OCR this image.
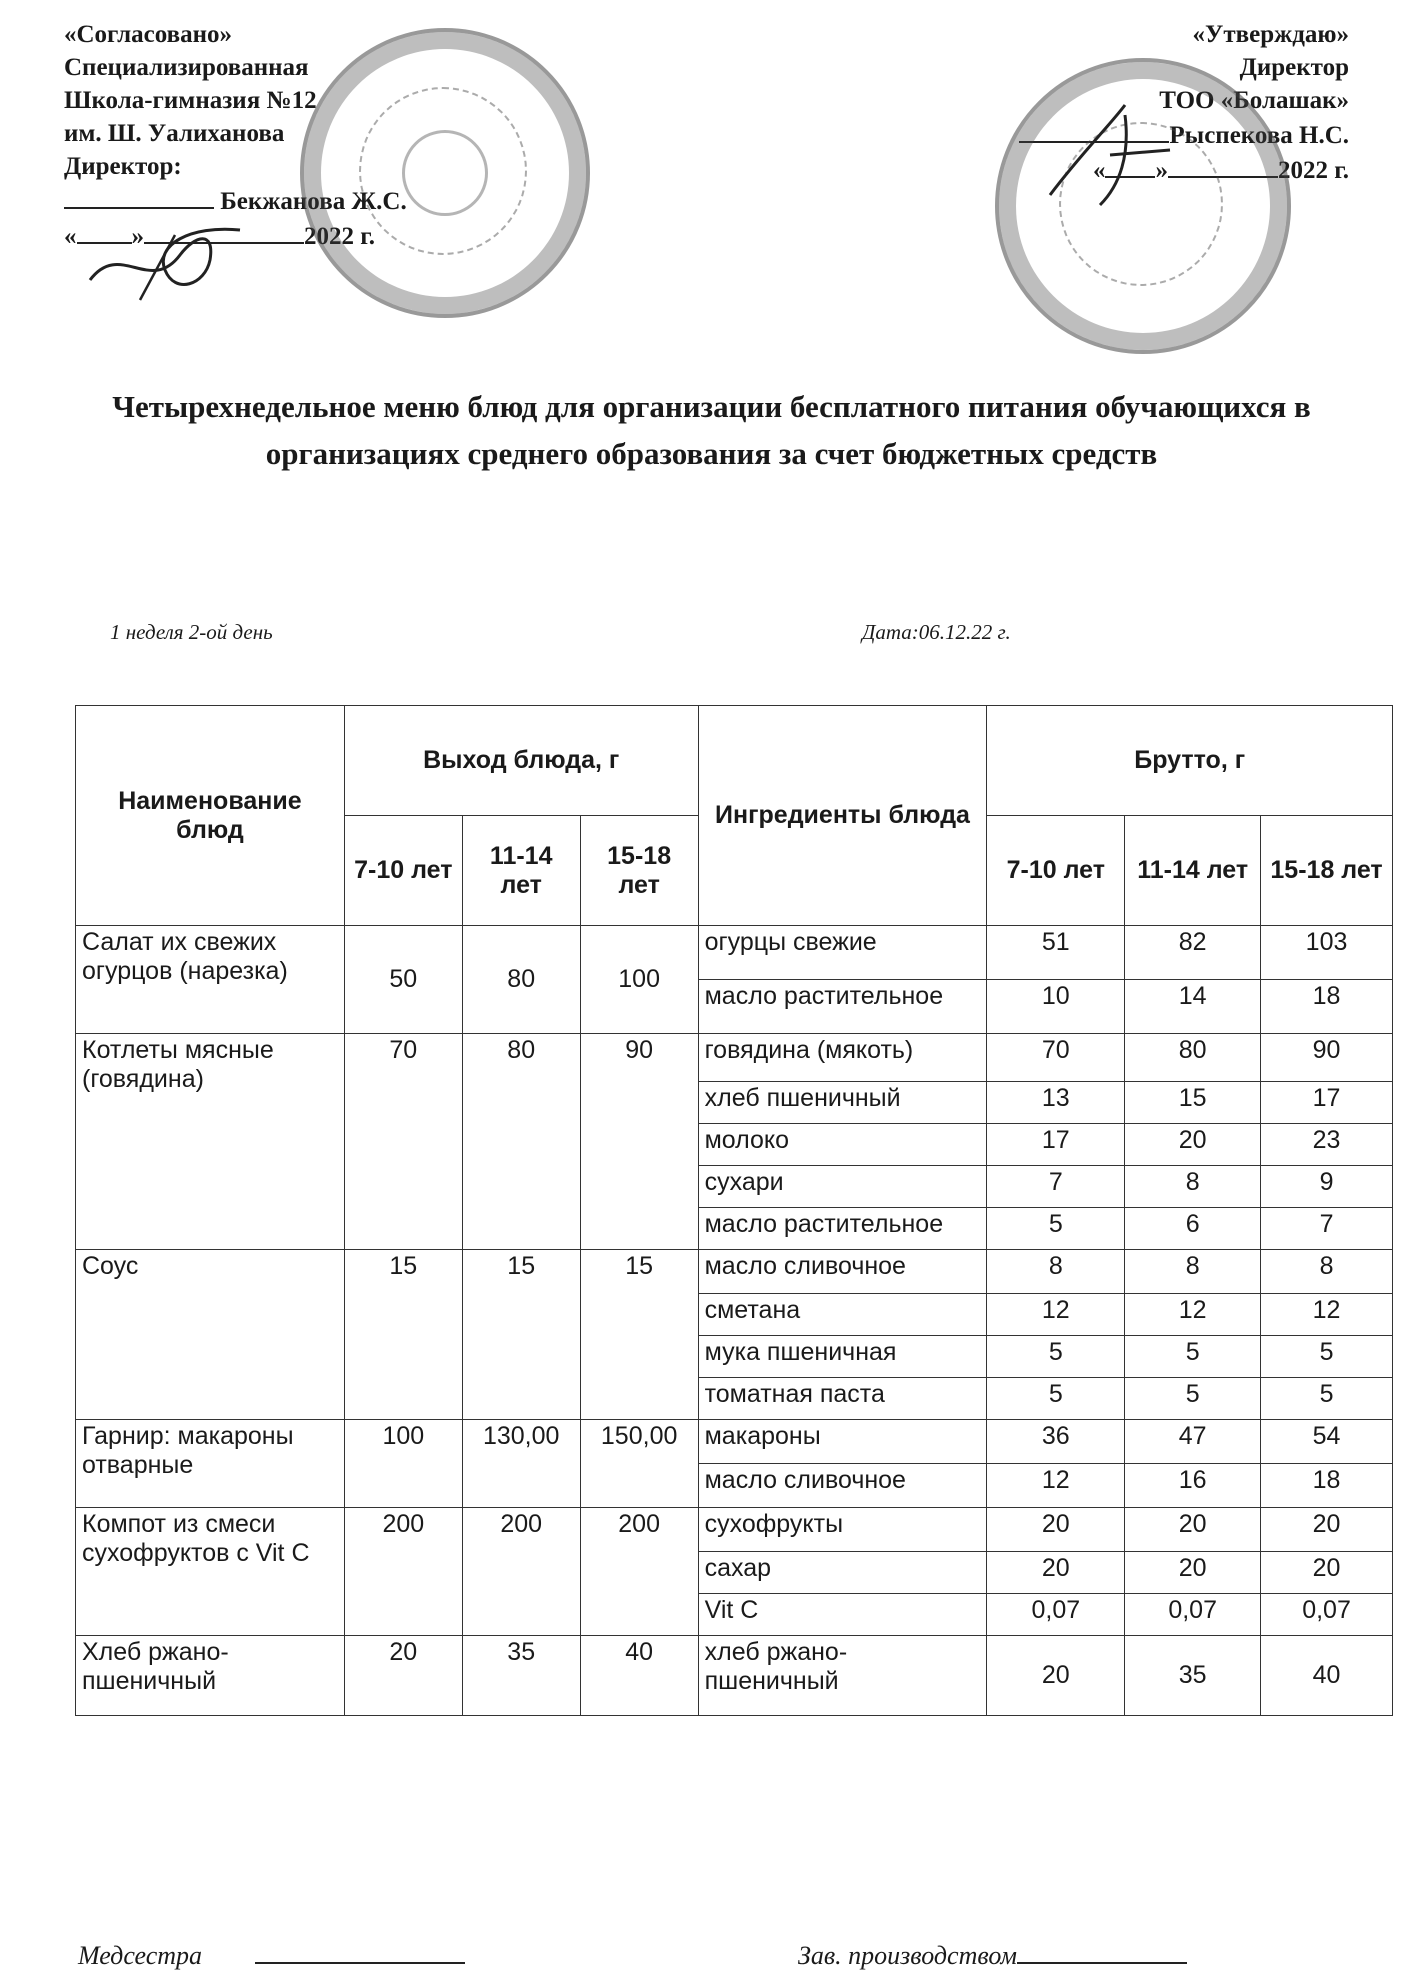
«Согласовано»
Специализированная
Школа-гимназия №12
им. Ш. Уалиханова
Директор:
Бекжанова Ж.С.
« »	2022 г.
«Утверждаю»
Директор
ТОО «Болашак»
Рыспекова Н.С.
« »	2022 г.
Четырехнедельное меню блюд для организации бесплатного питания обучающихся в организациях среднего образования за счет бюджетных средств
1 неделя 2-ой день	Дата:06.12.22 г.
Наименование блюд	Выход блюда, г			Ингредиенты блюда	Брутто, г		
	7-10 лет	11-14 лет	15-18 лет		7-10 лет	11-14 лет	15-18 лет
Салат их свежих огурцов (нарезка)	50	80	100	огурцы свежие	51	82	103
				масло растительное	10	14	18
Котлеты мясные (говядина)	70	80	90	говядина (мякоть)	70	80	90
				хлеб пшеничный	13	15	17
				молоко	17	20	23
				сухари	7	8	9
				масло растительное	5	6	7
Соус	15	15	15	масло сливочное	8	8	8
				сметана	12	12	12
				мука пшеничная	5	5	5
				томатная паста	5	5	5
Гарнир: макароны отварные	100	130,00	150,00	макароны	36	47	54
				масло сливочное	12	16	18
Компот из смеси сухофруктов с Vit С	200	200	200	сухофрукты	20	20	20
				сахар	20	20	20
				Vit С	0,07	0,07	0,07
Хлеб ржано-пшеничный	20	35	40	хлеб ржано-пшеничный	20	35	40
Медсестра	Зав. производством
